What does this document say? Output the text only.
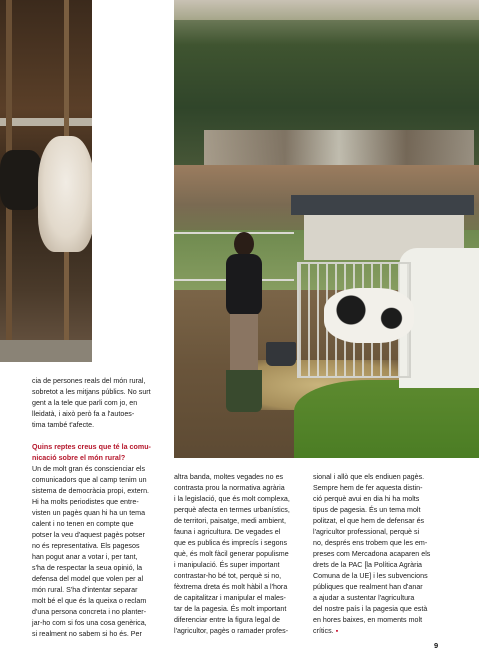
cia de persones reals del món rural,

sobretot a les mitjans públics. No surt

gent a la tele que parli com jo, en

lleidatà, i això però fa a l'autoes-

tima també t'afecte.

Quins reptes creus que té la comu-

nicació sobre el món rural?

Un de molt gran és conscienciar els

comunicadors que al camp tenim un

sistema de democràcia propi, extern.

Hi ha molts periodistes que entre-

visten un pagès quan hi ha un tema

calent i no tenen en compte que

potser la veu d'aquest pagès potser

no és representativa. Els pagesos

han pogut anar a votar i, per tant,

s'ha de respectar la seua opinió, la

defensa del model que volen per al

món rural. S'ha d'intentar separar

molt bé el que és la queixa o reclam

d'una persona concreta i no planter-

jar-ho com si fos una cosa genèrica,

si realment no sabem si ho és. Per

altra banda, moltes vegades no es

contrasta prou la normativa agrària

i la legislació, que és molt complexa,

perquè afecta en termes urbanístics,

de territori, paisatge, medi ambient,

fauna i agricultura. De vegades el

que es publica és imprecís i segons

què, és molt fàcil generar populisme

i manipulació. És super important

contrastar-ho bé tot, perquè si no,

fèxtrema dreta és molt hàbil a l'hora

de capitalitzar i manipular el males-

tar de la pagesia. És molt important

diferenciar entre la figura legal de

l'agricultor, pagès o ramader profes-

sional i allò que els endiuen pagès.

Sempre hem de fer aquesta distin-

ció perquè avui en dia hi ha molts

tipus de pagesia. És un tema molt

politzat, el que hem de defensar és

l'agricultor professional, perquè si

no, després ens trobem que les em-

preses com Mercadona acaparen els

drets de la PAC [la Política Agrària

Comuna de la UE] i les subvencions

públiques que realment han d'anar

a ajudar a sustentar l'agricultura

del nostre país i la pagesia que està

en hores baixes, en moments molt

crítics. ▪

9
